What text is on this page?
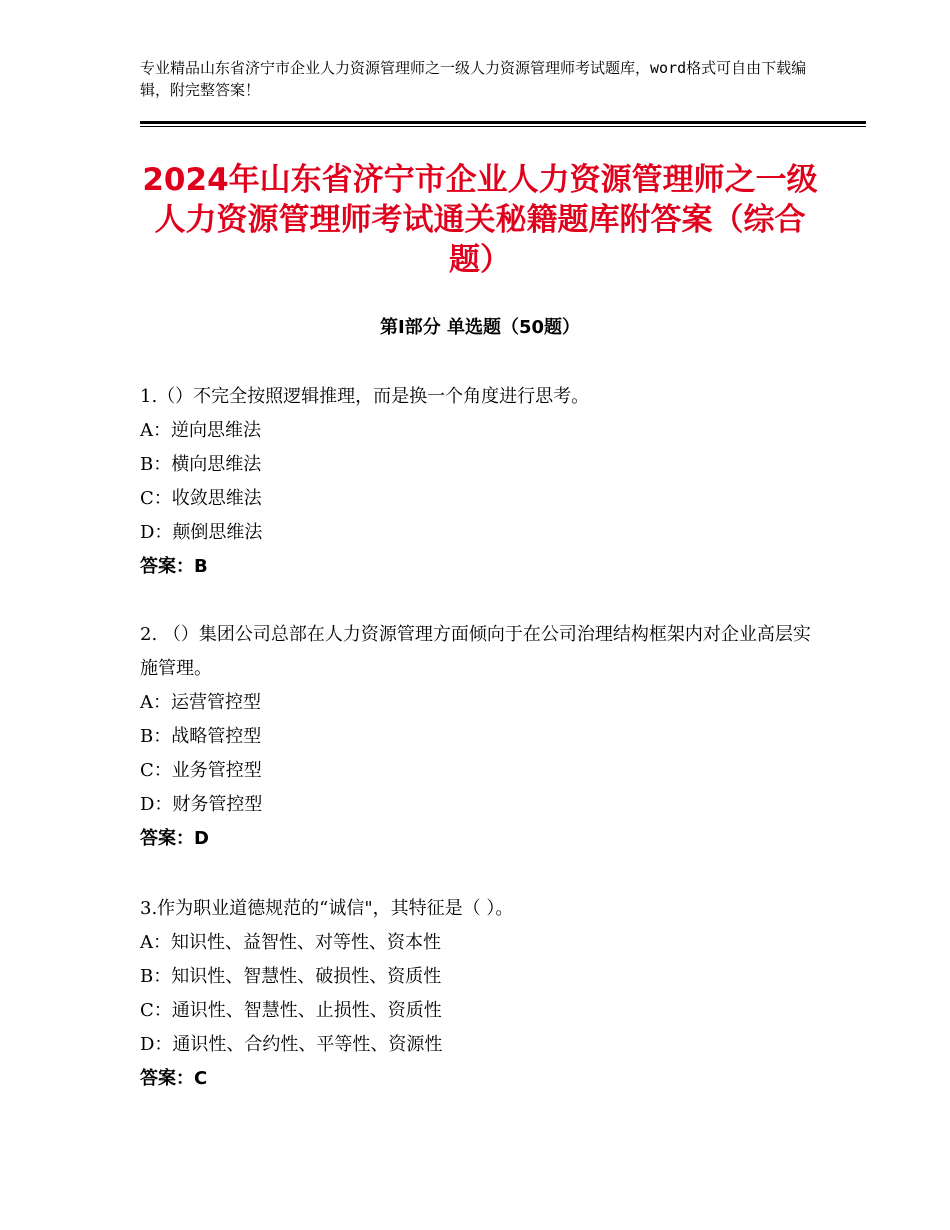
专业精品山东省济宁市企业人力资源管理师之一级人力资源管理师考试题库，word格式可自由下载编辑，附完整答案！
2024年山东省济宁市企业人力资源管理师之一级人力资源管理师考试通关秘籍题库附答案（综合题）
第Ⅰ部分 单选题（50题）

1.（）不完全按照逻辑推理，而是换一个角度进行思考。

A：逆向思维法

B：横向思维法

C：收敛思维法

D：颠倒思维法

答案：B

2. （）集团公司总部在人力资源管理方面倾向于在公司治理结构框架内对企业高层实施管理。

A：运营管控型

B：战略管控型

C：业务管控型

D：财务管控型

答案：D

3.作为职业道德规范的“诚信"，其特征是（ ）。

A：知识性、益智性、对等性、资本性

B：知识性、智慧性、破损性、资质性

C：通识性、智慧性、止损性、资质性

D：通识性、合约性、平等性、资源性

答案：C
